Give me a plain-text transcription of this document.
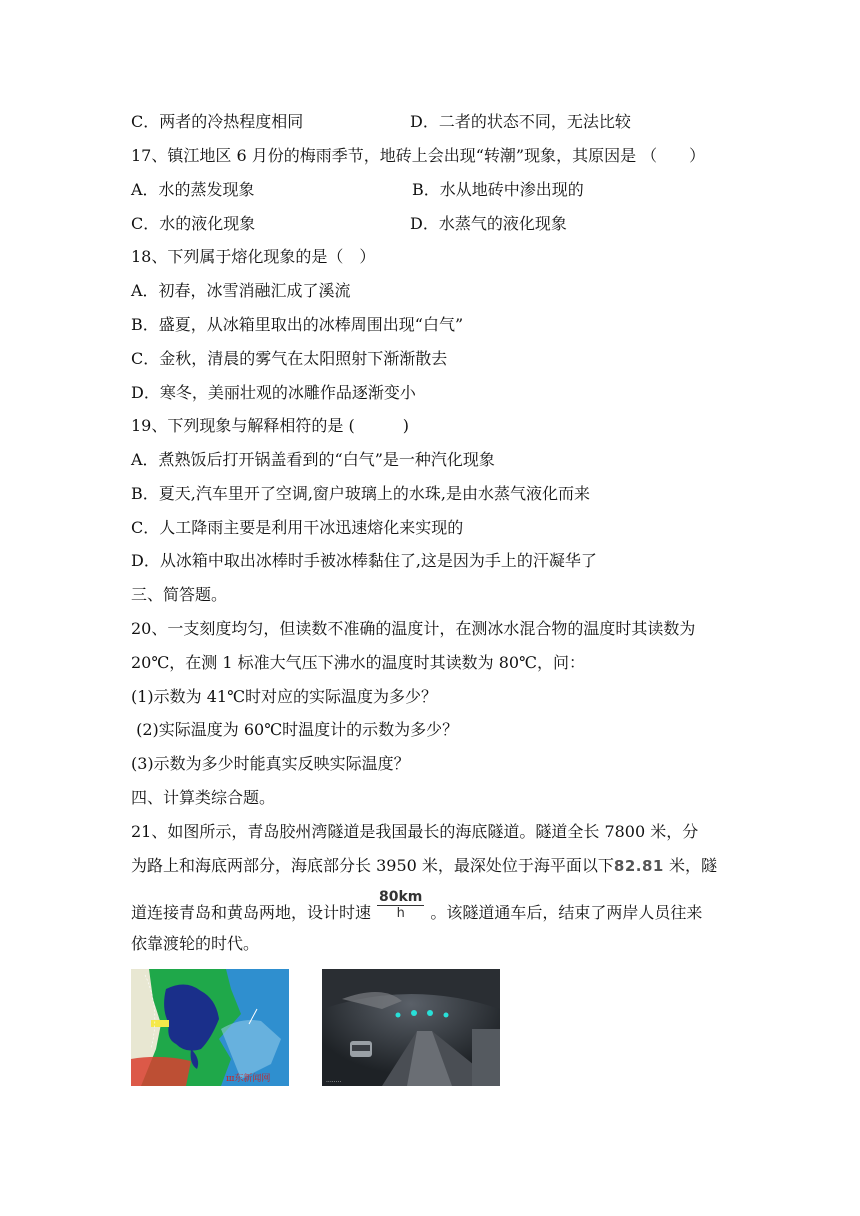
C．两者的冷热程度相同	D．二者的状态不同，无法比较
17、镇江地区 6 月份的梅雨季节，地砖上会出现“转潮”现象，其原因是 （　　）
A．水的蒸发现象	B．水从地砖中渗出现的
C．水的液化现象	D．水蒸气的液化现象
18、下列属于熔化现象的是（　）
A．初春，冰雪消融汇成了溪流
B．盛夏，从冰箱里取出的冰棒周围出现“白气”
C．金秋，清晨的雾气在太阳照射下渐渐散去
D．寒冬，美丽壮观的冰雕作品逐渐变小
19、下列现象与解释相符的是 (　　　)
A．煮熟饭后打开锅盖看到的“白气”是一种汽化现象
B．夏天,汽车里开了空调,窗户玻璃上的水珠,是由水蒸气液化而来
C．人工降雨主要是利用干冰迅速熔化来实现的
D．从冰箱中取出冰棒时手被冰棒黏住了,这是因为手上的汗凝华了
三、简答题。
20、一支刻度均匀，但读数不准确的温度计，在测冰水混合物的温度时其读数为
20℃，在测 1 标准大气压下沸水的温度时其读数为 80℃，问：
(1)示数为 41℃时对应的实际温度为多少？
(2)实际温度为 60℃时温度计的示数为多少？
(3)示数为多少时能真实反映实际温度？
四、计算类综合题。
21、如图所示，青岛胶州湾隧道是我国最长的海底隧道。隧道全长 7800 米，分
为路上和海底两部分，海底部分长 3950 米，最深处位于海平面以下82.81 米，隧
道连接青岛和黄岛两地，设计时速 $\frac{80km}{h}$ 。该隧道通车后，结束了两岸人员往来
依靠渡轮的时代。
ш东新闻网	........
